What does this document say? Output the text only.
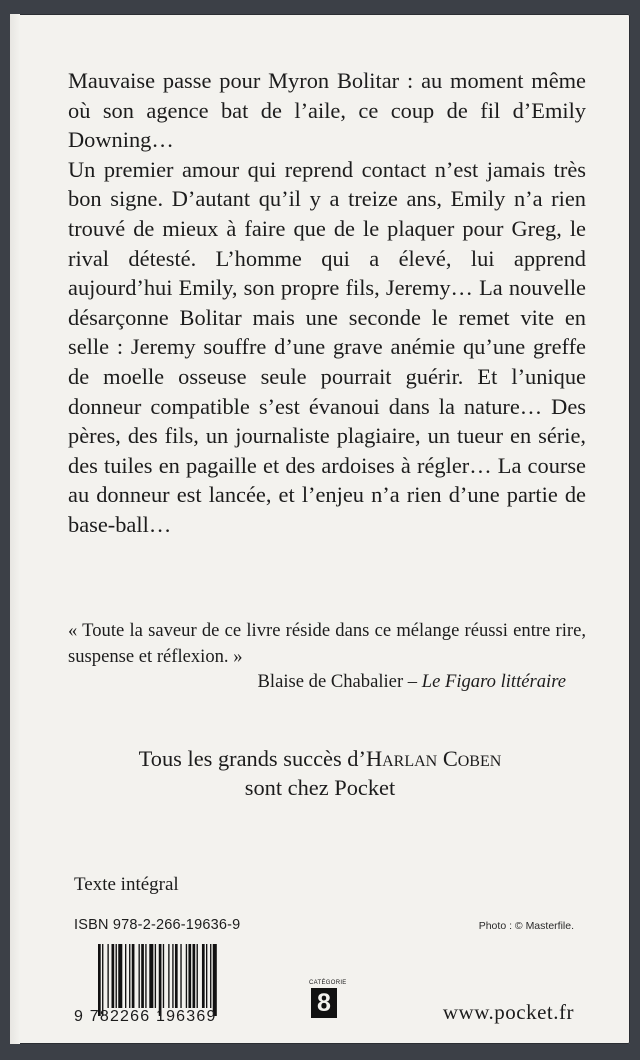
Mauvaise passe pour Myron Bolitar : au moment même où son agence bat de l’aile, ce coup de fil d’Emily Downing…

Un premier amour qui reprend contact n’est jamais très bon signe. D’autant qu’il y a treize ans, Emily n’a rien trouvé de mieux à faire que de le plaquer pour Greg, le rival détesté. L’homme qui a élevé, lui apprend aujourd’hui Emily, son propre fils, Jeremy… La nouvelle désarçonne Bolitar mais une seconde le remet vite en selle : Jeremy souffre d’une grave anémie qu’une greffe de moelle osseuse seule pourrait guérir. Et l’unique donneur compatible s’est évanoui dans la nature… Des pères, des fils, un journaliste plagiaire, un tueur en série, des tuiles en pagaille et des ardoises à régler… La course au donneur est lancée, et l’enjeu n’a rien d’une partie de base-ball…

« Toute la saveur de ce livre réside dans ce mélange réussi entre rire, suspense et réflexion. »
Blaise de Chabalier – Le Figaro littéraire
Tous les grands succès d’Harlan Coben
sont chez Pocket
Texte intégral
ISBN 978-2-266-19636-9	Photo : © Masterfile.
9 782266 196369
CATÉGORIE
8	www.pocket.fr
